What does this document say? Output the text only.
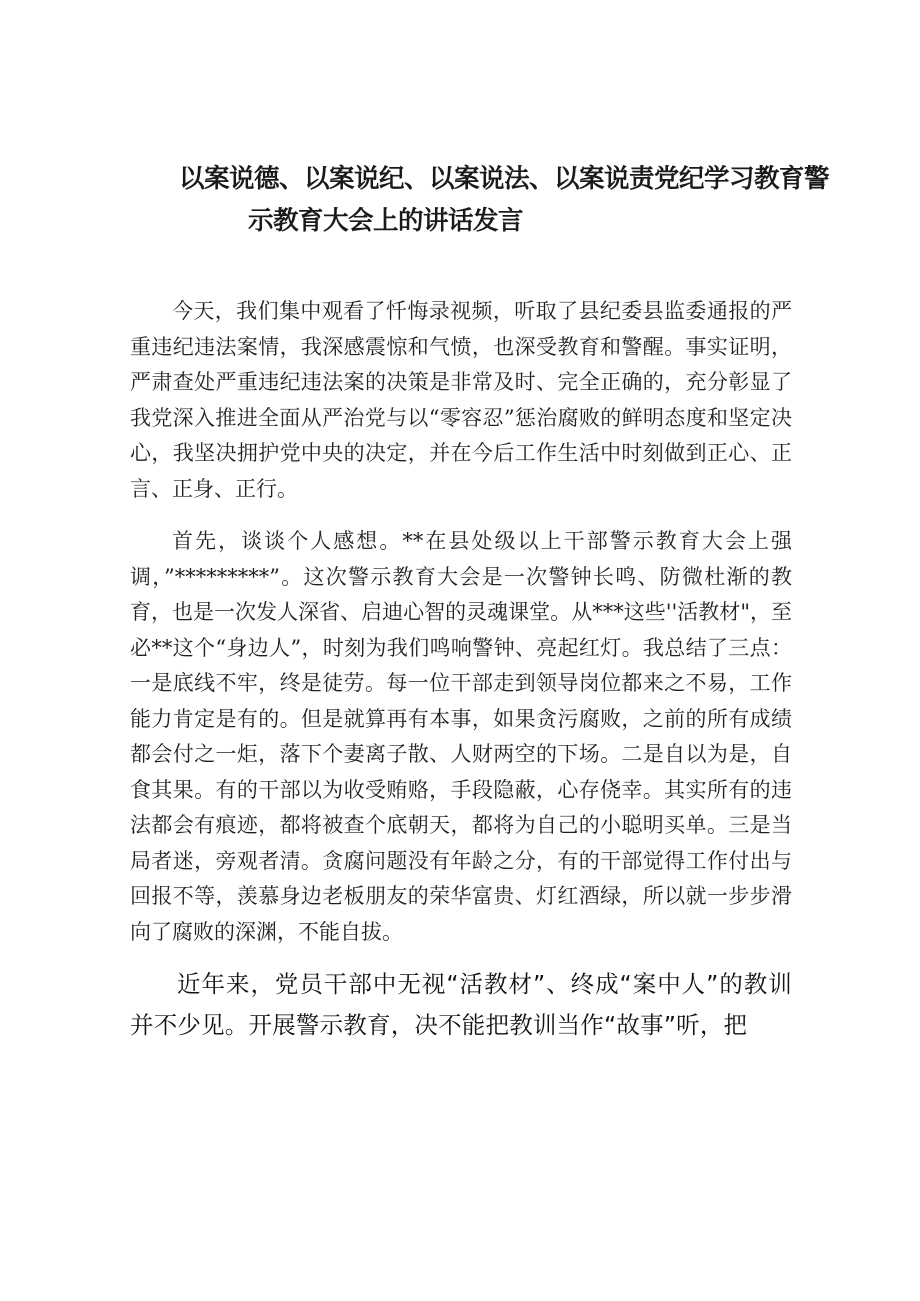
以案说德、以案说纪、以案说法、以案说责党纪学习教育警
示教育大会上的讲话发言

今天，我们集中观看了忏悔录视频，听取了县纪委县监委通报的严重违纪违法案情，我深感震惊和气愤，也深受教育和警醒。事实证明，严肃查处严重违纪违法案的决策是非常及时、完全正确的，充分彰显了我党深入推进全面从严治党与以“零容忍”惩治腐败的鲜明态度和坚定决心，我坚决拥护党中央的决定，并在今后工作生活中时刻做到正心、正言、正身、正行。

首先，谈谈个人感想。**在县处级以上干部警示教育大会上强调，”*********”。这次警示教育大会是一次警钟长鸣、防微杜渐的教育，也是一次发人深省、启迪心智的灵魂课堂。从***这些''活教材"，至必**这个“身边人”，时刻为我们鸣响警钟、亮起红灯。我总结了三点：一是底线不牢，终是徒劳。每一位干部走到领导岗位都来之不易，工作能力肯定是有的。但是就算再有本事，如果贪污腐败，之前的所有成绩都会付之一炬，落下个妻离子散、人财两空的下场。二是自以为是，自食其果。有的干部以为收受贿赂，手段隐蔽，心存侥幸。其实所有的违法都会有痕迹，都将被查个底朝天，都将为自己的小聪明买单。三是当局者迷，旁观者清。贪腐问题没有年龄之分，有的干部觉得工作付出与回报不等，羡慕身边老板朋友的荣华富贵、灯红酒绿，所以就一步步滑向了腐败的深渊，不能自拔。

近年来，党员干部中无视“活教材”、终成“案中人”的教训并不少见。开展警示教育，决不能把教训当作“故事”听，把
